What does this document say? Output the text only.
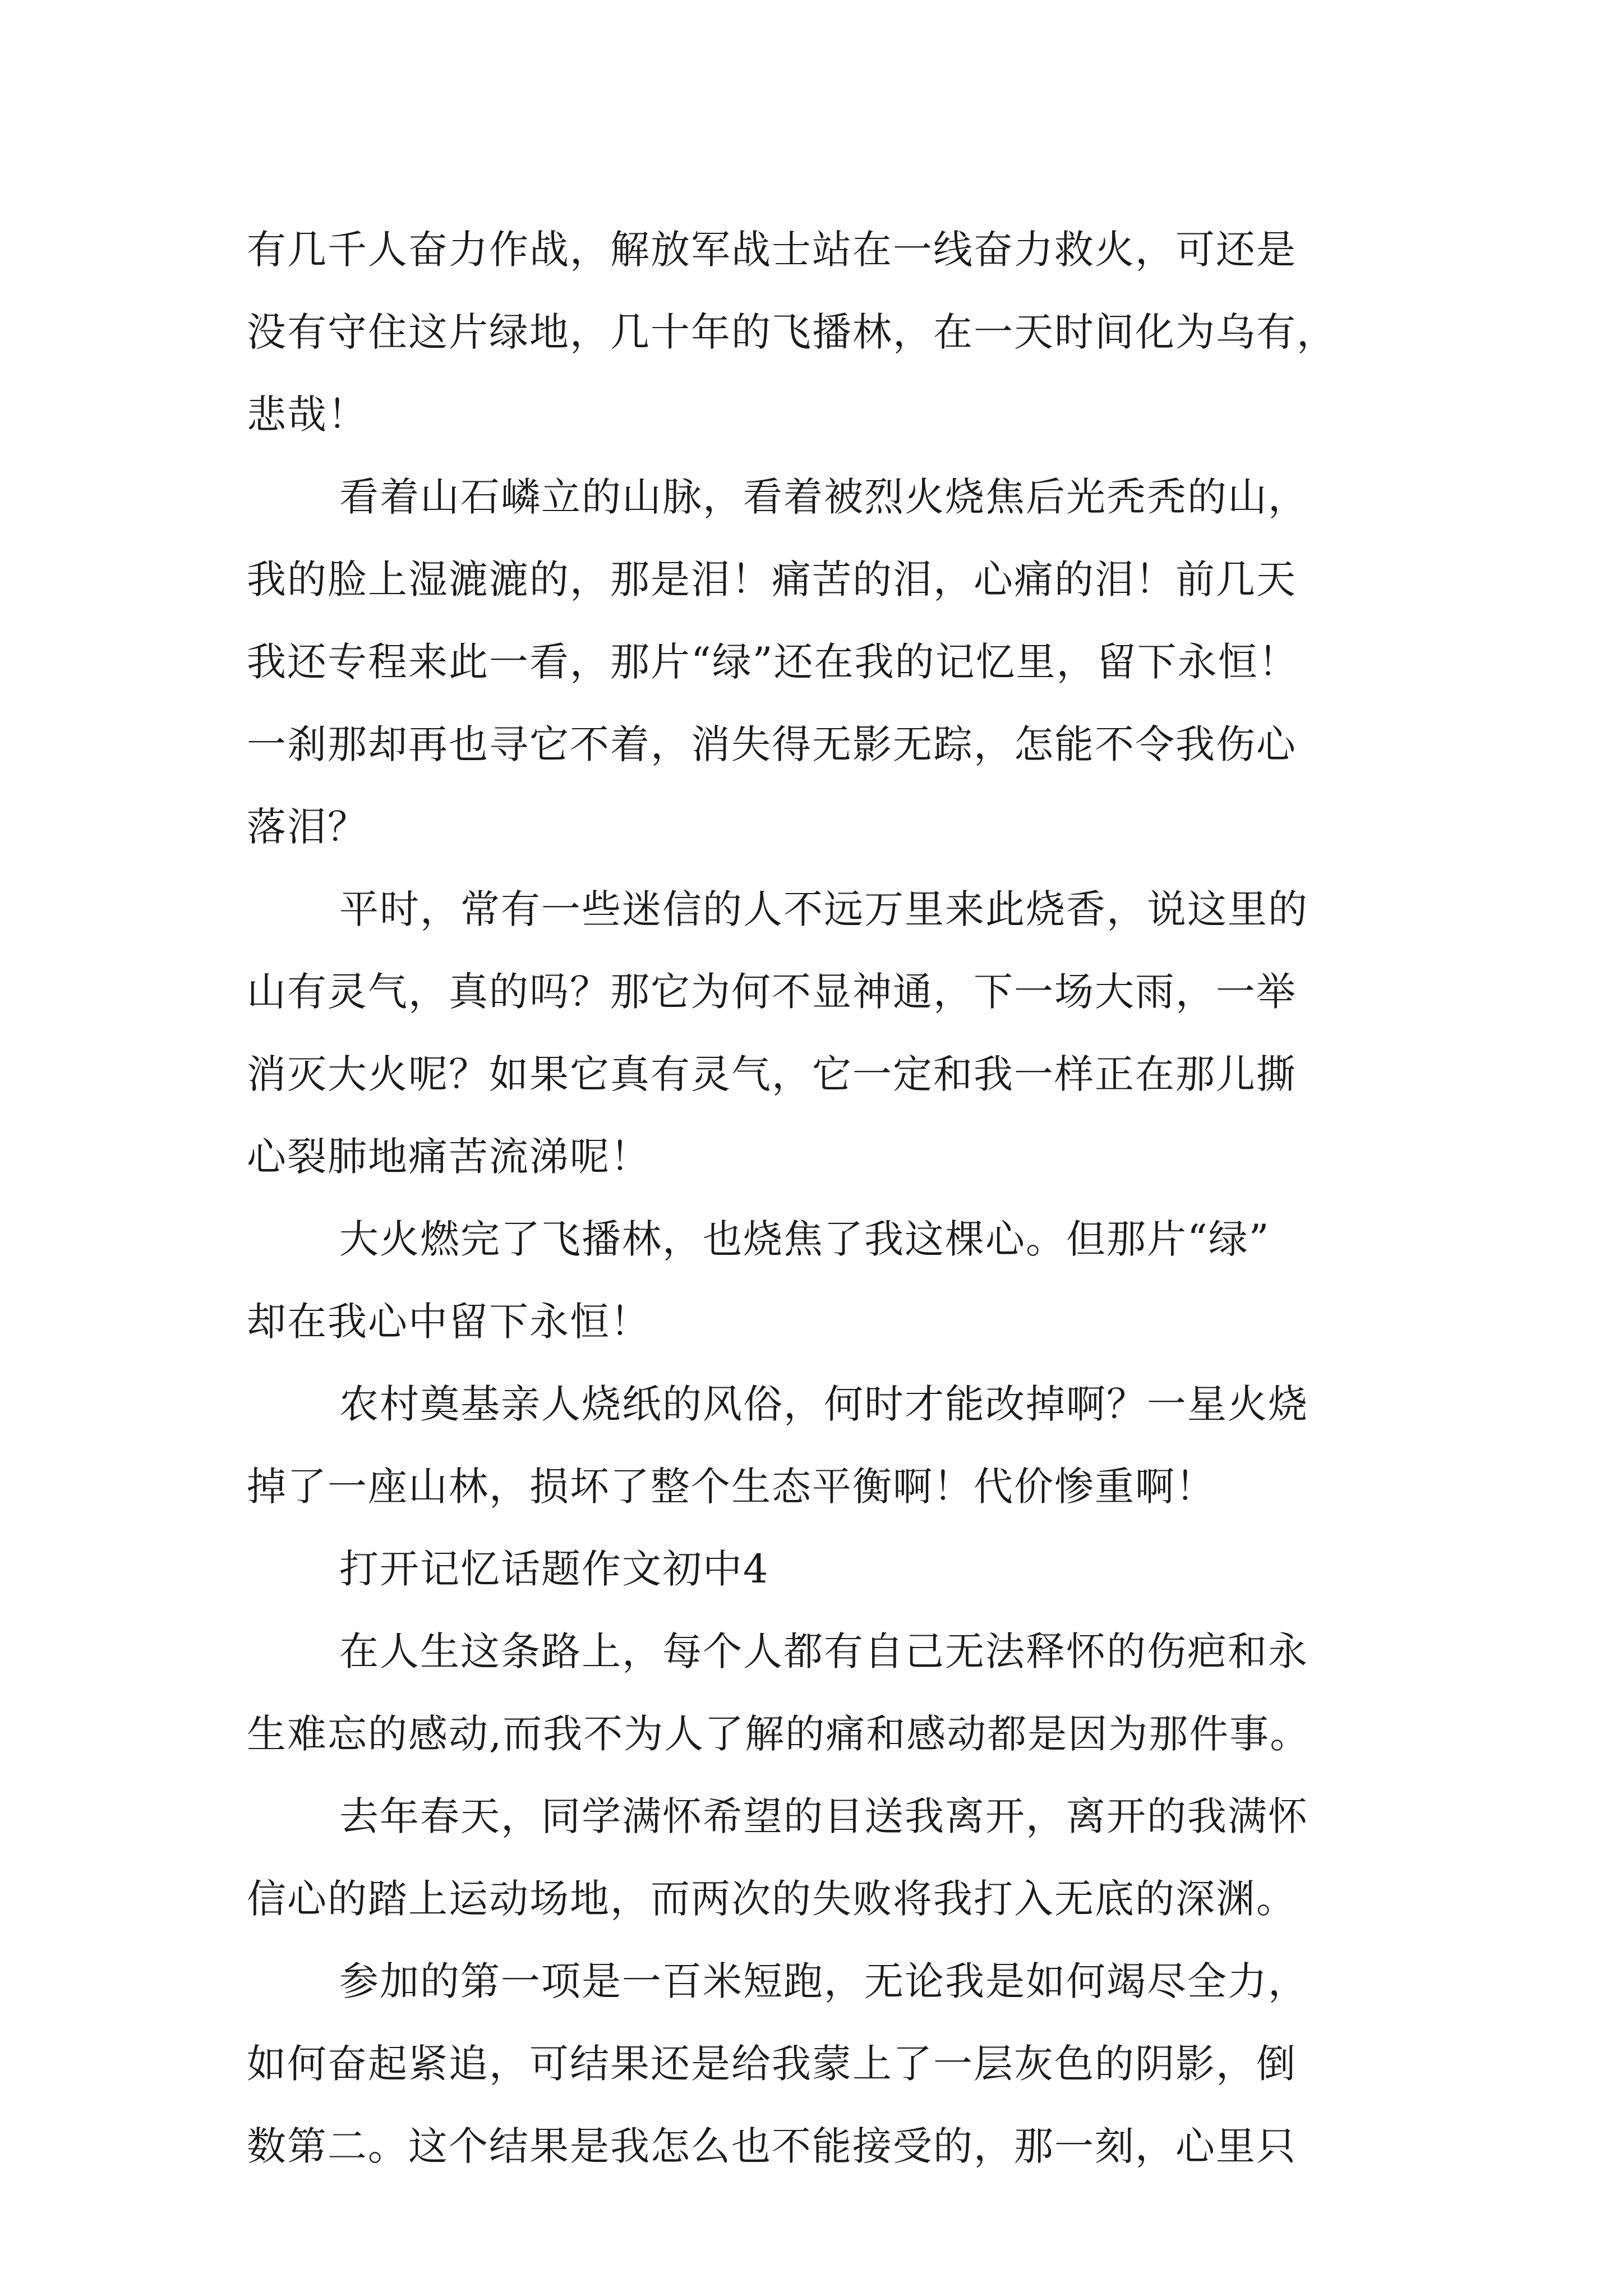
有几千人奋力作战，解放军战士站在一线奋力救火，可还是
没有守住这片绿地，几十年的飞播林，在一天时间化为乌有，
悲哉！
看着山石嶙立的山脉，看着被烈火烧焦后光秃秃的山，
我的脸上湿漉漉的，那是泪！痛苦的泪，心痛的泪！前几天
我还专程来此一看，那片“绿”还在我的记忆里，留下永恒！
一刹那却再也寻它不着，消失得无影无踪，怎能不令我伤心
落泪？
平时，常有一些迷信的人不远万里来此烧香，说这里的
山有灵气，真的吗？那它为何不显神通，下一场大雨，一举
消灭大火呢？如果它真有灵气，它一定和我一样正在那儿撕
心裂肺地痛苦流涕呢！
大火燃完了飞播林，也烧焦了我这棵心。但那片“绿”
却在我心中留下永恒！
农村奠基亲人烧纸的风俗，何时才能改掉啊？一星火烧
掉了一座山林，损坏了整个生态平衡啊！代价惨重啊！
打开记忆话题作文初中4
在人生这条路上，每个人都有自己无法释怀的伤疤和永
生难忘的感动,而我不为人了解的痛和感动都是因为那件事。
去年春天，同学满怀希望的目送我离开，离开的我满怀
信心的踏上运动场地，而两次的失败将我打入无底的深渊。
参加的第一项是一百米短跑，无论我是如何竭尽全力，
如何奋起紧追，可结果还是给我蒙上了一层灰色的阴影，倒
数第二。这个结果是我怎么也不能接受的，那一刻，心里只
